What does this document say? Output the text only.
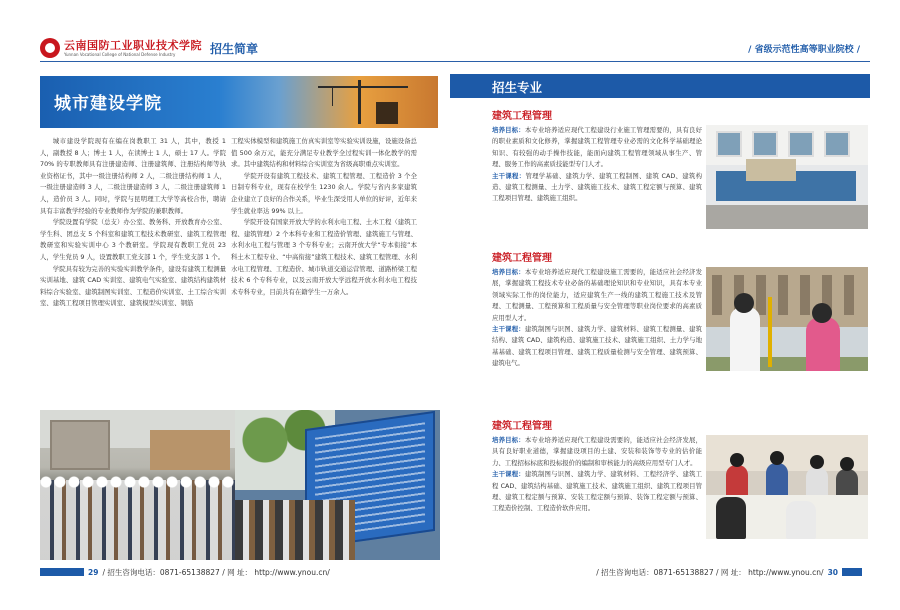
云南国防工业职业技术学院
Yunnan Vocational College of National Defense Industry	招生简章
城市建设学院

城市建设学院现有在编在岗教职工 31 人，其中，教授 1 人，副教授 8 人；博士 1 人，在读博士 1 人，硕士 17 人。学院 70% 的专职教师具有注册建造师、注册建筑师、注册结构师等执业资格证书，其中一级注册结构师 2 人，二级注册结构师 1 人，一级注册建造师 3 人，二级注册建造师 3 人，二级注册建筑师 1 人，造价员 3 人。同时，学院与昆明理工大学等高校合作，聘请具有丰富教学经验的专业教师作为学院的兼职教师。

学院设置有学院（总支）办公室、教务科、开放教育办公室、学生科、团总支 5 个科室和建筑工程技术教研室、建筑工程管理教研室和实验实训中心 3 个教研室。学院现有教职工党员 23 人，学生党员 9 人，设置教职工党支部 1 个，学生党支部 1 个。

学院具有较为完善的实验实训教学条件，建设有建筑工程测量实训基地、建筑 CAD 实训室、建筑电气实验室、建筑结构建筑材料综合实验室、建筑制图实训室、工程造价实训室、土工综合实训室、建筑工程项目管理实训室、建筑模型实训室、钢筋

工程实体模型和建筑施工仿真实训室等实验实训设施，设施设备总值 500 余万元，能充分满足专业教学全过程实训一体化教学的需求。其中建筑结构和材料综合实训室为省级高职重点实训室。

学院开设有建筑工程技术、建筑工程管理、工程造价 3 个全日制专科专业，现有在校学生 1230 余人。学院与省内多家建筑企业建立了良好的合作关系，毕业生深受用人单位的好评，近年来学生就业率达 99% 以上。

学院开设有国家开放大学的水利水电工程、土木工程（建筑工程、建筑管理）2 个本科专业和工程造价管理、建筑施工与管理、水利水电工程与管理 3 个专科专业；云南开放大学“专本衔接”本科土木工程专业、“中高衔接”建筑工程技术、建筑工程管理、水利水电工程管理、工程造价、城市轨道交通运营管理、道路桥梁工程技术 6 个专科专业，以及云南开放大学远程开放水利水电工程技术专科专业，目前共有在籍学生一万余人。

29 / 招生咨询电话：0871-65138827 / 网 址： http://www.ynou.cn/
/ 省级示范性高等职业院校 /
招生专业
建筑工程管理
培养目标：本专业培养适应现代工程建设行业施工管理需要的，具有良好的职业素质和文化修养，掌握建筑工程管理专业必需的文化科学基础理论知识、有较强的动手操作技能，能面向建筑工程管理领域从事生产、管理、服务工作的高素质技能型专门人才。
主干课程：管理学基础、建筑力学、建筑工程制图、建筑 CAD、建筑构造、建筑工程测量、土力学、建筑施工技术、建筑工程定额与预算、建筑工程项目管理、建筑施工组织。
建筑工程管理
培养目标：本专业培养适应现代工程建设施工需要的，能适应社会经济发展，掌握建筑工程技术专业必备的基础理论知识和专业知识，具有本专业领域实际工作的岗位能力，适应建筑生产一线的建筑工程施工技术及管理、工程测量、工程预算和工程质量与安全管理等职业岗位要求的高素质应用型人才。
主干课程：建筑制图与识图、建筑力学、建筑材料、建筑工程测量、建筑结构、建筑 CAD、建筑构造、建筑施工技术、建筑施工组织、土力学与地基基础、建筑工程项目管理、建筑工程质量检测与安全管理、建筑预算、建筑电气。
建筑工程管理
培养目标：本专业培养适应现代工程建设需要的，能适应社会经济发展，具有良好职业道德，掌握建设项目的土建、安装和装饰等专业的估价能力、工程招标标底和投标报价的编制和审核能力的高级应用型专门人才。
主干课程：建筑制图与识图、建筑力学、建筑材料、工程经济学、建筑工程 CAD、建筑结构基础、建筑施工技术、建筑施工组织、建筑工程项目管理、建筑工程定额与预算、安装工程定额与预算、装饰工程定额与预算、工程造价控制、工程造价软件应用。
/ 招生咨询电话：0871-65138827 / 网 址： http://www.ynou.cn/ 30
